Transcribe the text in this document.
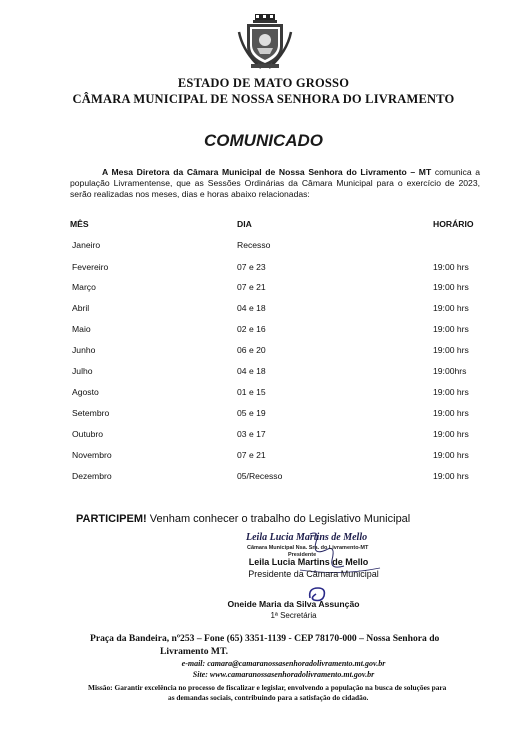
ESTADO DE MATO GROSSO
CÂMARA MUNICIPAL DE NOSSA SENHORA DO LIVRAMENTO
COMUNICADO

A Mesa Diretora da Câmara Municipal de Nossa Senhora do Livramento – MT comunica a população Livramentense, que as Sessões Ordinárias da Câmara Municipal para o exercício de 2023, serão realizadas nos meses, dias e horas abaixo relacionadas:

MÊS	DIA	HORÁRIO
Janeiro	Recesso
Fevereiro	07 e 23	19:00 hrs
Março	07 e 21	19:00 hrs
Abril	04 e 18	19:00 hrs
Maio	02 e 16	19:00 hrs
Junho	06 e 20	19:00 hrs
Julho	04 e 18	19:00hrs
Agosto	01 e 15	19:00 hrs
Setembro	05 e 19	19:00 hrs
Outubro	03 e 17	19:00 hrs
Novembro	07 e 21	19:00 hrs
Dezembro	05/Recesso	19:00 hrs
PARTICIPEM! Venham conhecer o trabalho do Legislativo Municipal
Leila Lucia Martins de Mello
Câmara Municipal Nsa. Sra. do Livramento-MT
Presidente
Leila Lucia Martins de Mello
Presidente da Câmara Municipal
Oneide Maria da Silva Assunção
1ª Secretária
Praça da Bandeira, nº253 – Fone (65) 3351-1139 - CEP 78170-000 – Nossa Senhora do
Livramento MT.
e-mail: camara@camaranossasenhoradolivramento.mt.gov.br
Site: www.camaranossasenhoradolivramento.mt.gov.br
Missão: Garantir excelência no processo de fiscalizar e legislar, envolvendo a população na busca de soluções para
as demandas sociais, contribuindo para a satisfação do cidadão.
